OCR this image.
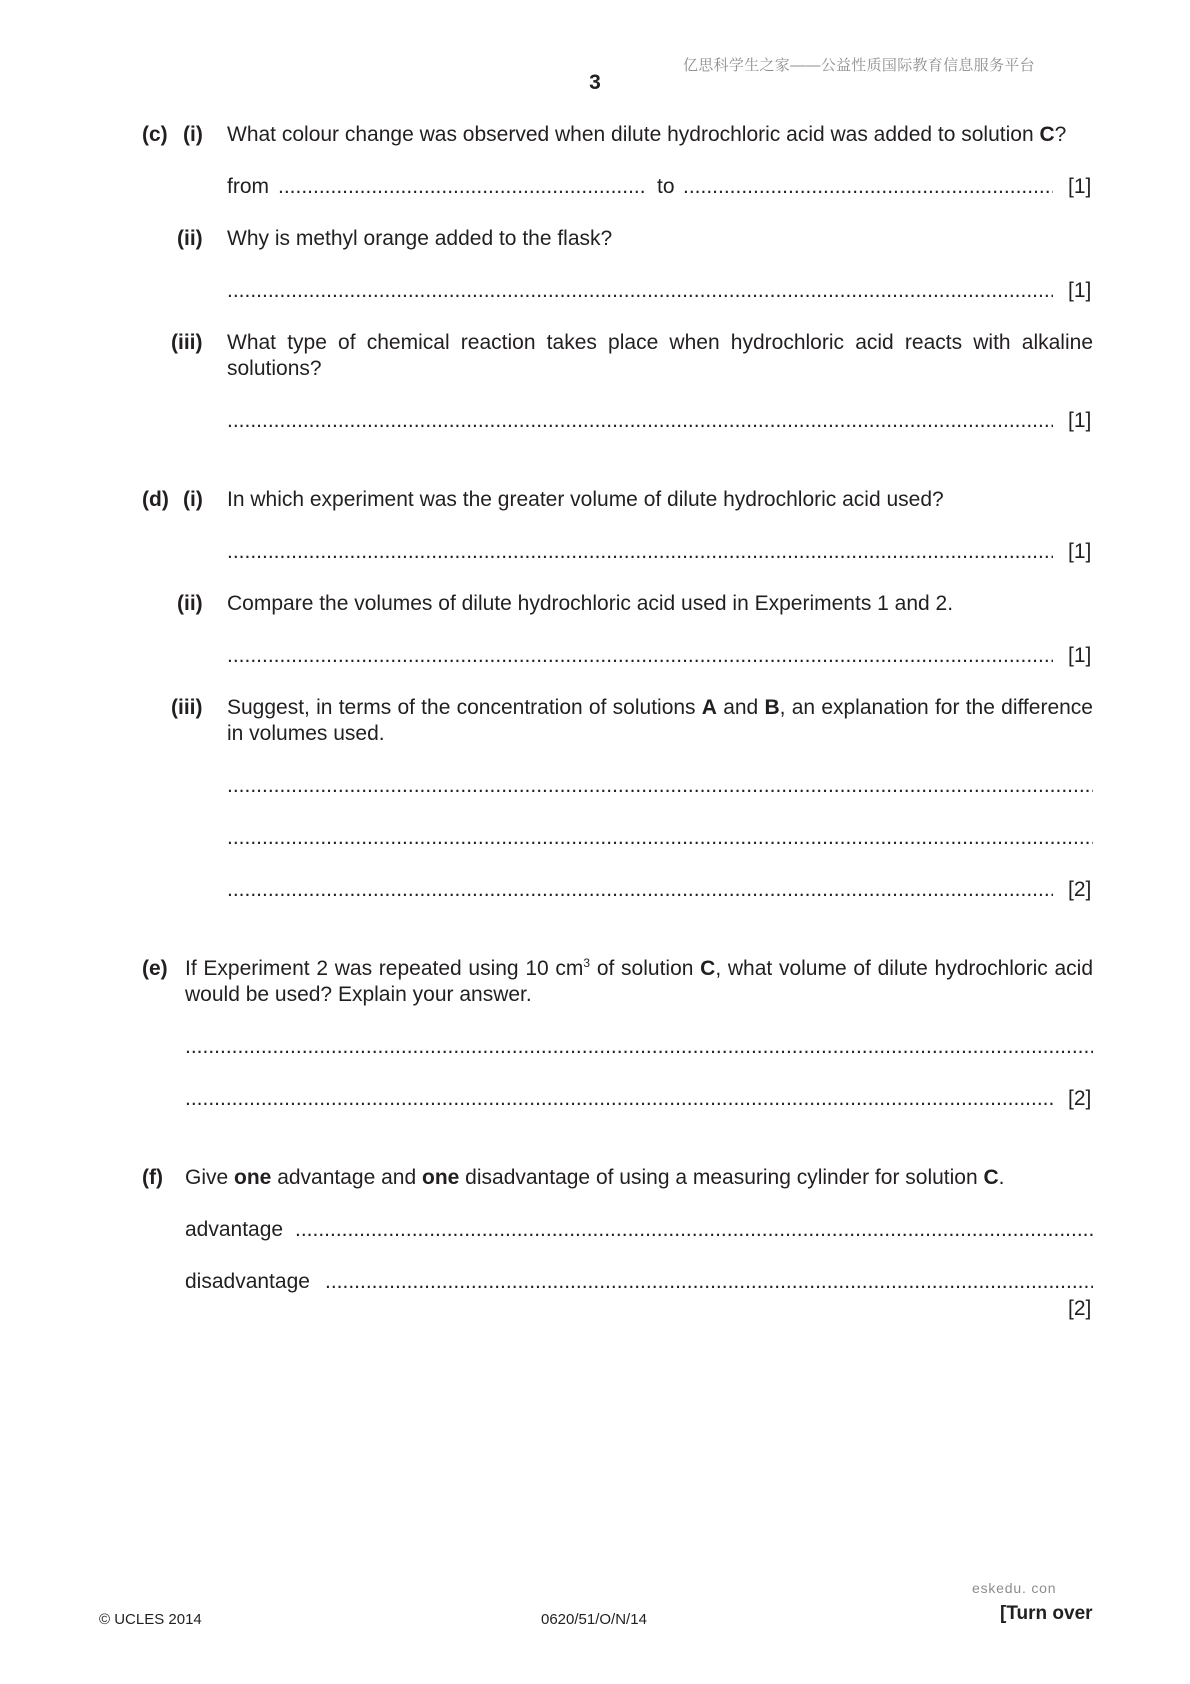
亿思科学生之家——公益性质国际教育信息服务平台
3
(c) (i) What colour change was observed when dilute hydrochloric acid was added to solution C?
from .....	to .....	[1]
(ii) Why is methyl orange added to the flask?
.....
[1]
(iii) What type of chemical reaction takes place when hydrochloric acid reacts with alkaline solutions?
.....
[1]
(d) (i) In which experiment was the greater volume of dilute hydrochloric acid used?
.....
[1]
(ii) Compare the volumes of dilute hydrochloric acid used in Experiments 1 and 2.
.....
[1]
(iii) Suggest, in terms of the concentration of solutions A and B, an explanation for the difference in volumes used.
.....
.....
.....
[2]
(e) If Experiment 2 was repeated using 10 $cm^3$ of solution C, what volume of dilute hydrochloric acid would be used? Explain your answer.
.....
.....
[2]
(f) Give one advantage and one disadvantage of using a measuring cylinder for solution C.
advantage
.....
disadvantage
.....
[2]
© UCLES 2014	0620/51/O/N/14
eskedu. con
[Turn over
